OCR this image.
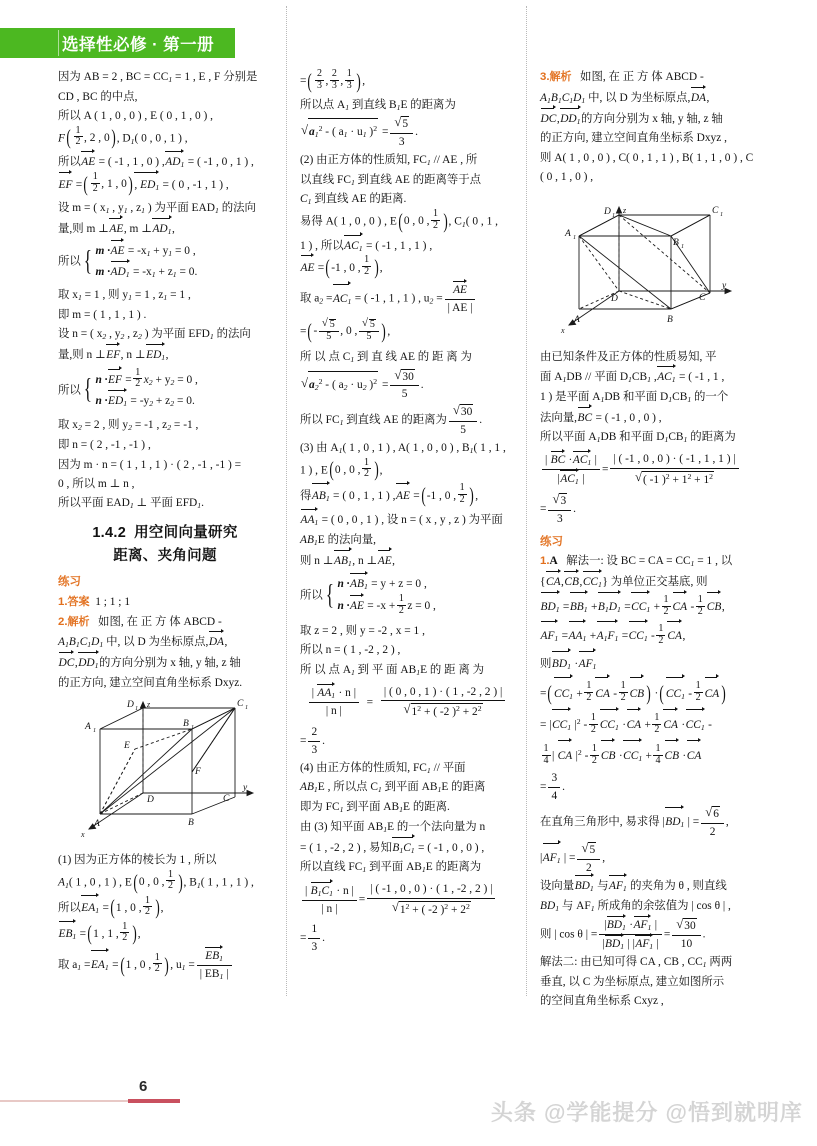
选择性必修 · 第一册
因为 AB = 2 , BC = $CC_1 = 1$ , E , F 分别是
CD , BC 的中点,
所以 A ( 1 , 0 , 0 ) , E ( 0 , 1 , 0 ) ,
$F( \frac{1}{2}$ , 2 , 0), $D_1$( 0 , 0 , 1 ) ,
所以AE = ( -1 , 1 , 0 ) $,AD_1$ = ( -1 , 0 , 1 ) ,
EF =( $\frac{1}{2}$ , 1 , 0) , $ED_1$ = ( 0 , -1 , 1 ) ,
设 m = ( $x_1$ , $y_1$ , $z_1$ ) 为平面 $EAD_1$ 的法向
量,则 m ⊥AE, m $\perp AD_1$,
所以 { $m \cdot AE = -x_1 + y_1 = 0$ ,
$m \cdot AD_1 = -x_1 + z_1 = 0$.
取 $x_1 = 1$ , 则 $y_1 = 1$ , $z_1 = 1$ ,
即 m = ( 1 , 1 , 1 ) .
设 n = ( $x_2$ , $y_2$ , $z_2$ ) 为平面 $EFD_1$ 的法向
量,则 n ⊥EF, n $\perp ED_1$,
所以 { $n \cdot EF = \frac{1}{2} x_2 + y_2 = 0$ ,
$n \cdot ED_1 = -y_2 + z_2 = 0$.
取 $x_2 = 2$ , 则 $y_2 = -1$ , $z_2 = -1$ ,
即 n = ( 2 , -1 , -1 ) ,
因为 m · n = ( 1 , 1 , 1 ) · ( 2 , -1 , -1 ) =
0 , 所以 m ⊥ n ,
所以平面 $EAD_1$ ⊥ 平面 $EFD_1$.
1.4.2 用空间向量研究
距离、夹角问题
练习
1.答案 1 ; 1 ; 1
2.解析 如图, 在 正 方 体 ABCD -
$A_1B_1C_1D_1$ 中, 以 D 为坐标原点,DA,
$DC,DD_1$的方向分别为 x 轴, y 轴, z 轴
的正方向, 建立空间直角坐标系 Dxyz.
D 1	C 1
A 1
B 1
E
F
D	C
y
A	B
x
z
(1) 因为正方体的棱长为 1 , 所以
$A_1$( 1 , 0 , 1 ) , E(0 , 0 , $\frac{1}{2}$ ), $B_1$( 1 , 1 , 1 ) ,
所以$EA_1 =(1$ , 0 , $\frac{1}{2}$ ),
$EB_1 =(1$ , 1 , $\frac{1}{2}$ ),
取 $a_1 =EA_1 =(1$ , 0 , $\frac{1}{2}$ ), $u_1 = \frac{EB_1}{| EB_1 |}$
=( $\frac{2}{3}$ , $\frac{2}{3}$ , $\frac{1}{3}$ ),
所以点 $A_1$ 到直线 $B_1E$ 的距离为
√ $a_1^2$ - ( $a_1 \cdot u_1$ )$^2$ = √ $\frac{5}{3}$ .
(2) 由正方体的性质知, $FC_1$ // AE , 所
以直线 $FC_1$ 到直线 AE 的距离等于点
$C_1$ 到直线 AE 的距离.
易得 A( 1 , 0 , 0 ) , E(0 , 0 , $\frac{1}{2}$ ), $C_1$( 0 , 1 ,
1 ) , 所以$AC_1$ = ( -1 , 1 , 1 ) ,
AE =(-1 , 0 , $\frac{1}{2}$ ),
取 $a_2 =AC_1$ = ( -1 , 1 , 1 ) , $u_2 = \frac{AE}{| AE |}$
=(- √ $\frac{5}{5}$ , 0 , √ $\frac{5}{5}$ ),
所 以 点 $C_1$ 到 直 线 AE 的 距 离 为
√ $a_2^2$ - ( $a_2 \cdot u_2$ )$^2$ = √ $\frac{30}{5}$ .
所以 $FC_1$ 到直线 AE 的距离为 √ $\frac{30}{5}$ .
(3) 由 $A_1$( 1 , 0 , 1 ) , A( 1 , 0 , 0 ) , $B_1$( 1 , 1 ,
1 ) , E(0 , 0 , $\frac{1}{2}$ ),
得$AB_1$ = ( 0 , 1 , 1 ) ,AE =(-1 , 0 , $\frac{1}{2}$ ),
$AA_1$ = ( 0 , 0 , 1 ) , 设 n = ( x , y , z ) 为平面
$AB_1E$ 的法向量,
则 n $\perp AB_1$, n ⊥AE,
所以 { $n \cdot AB_1 = y + z = 0$ ,
$n \cdot AE = -x + \frac{1}{2}$ z = 0 ,
取 z = 2 , 则 y = -2 , x = 1 ,
所以 n = ( 1 , -2 , 2 ) ,
所 以 点 $A_1$ 到 平 面 $AB_1E$ 的 距 离 为
$\frac{| AA_1 \cdot n |}{| n |}$ = | ( 0 , 0 , 1 ) · ( 1 , -2 , 2 ) |
√ $1^2$ + ( -2 )$^2 + 2^2$
= $\frac{2}{3}$ .
(4) 由正方体的性质知, $FC_1$ // 平面
$AB_1E$ , 所以点 $C_1$ 到平面 $AB_1E$ 的距离
即为 $FC_1$ 到平面 $AB_1E$ 的距离.
由 (3) 知平面 $AB_1E$ 的一个法向量为 n
= ( 1 , -2 , 2 ) , 易知$B_1C_1$ = ( -1 , 0 , 0 ) ,
所以直线 $FC_1$ 到平面 $AB_1E$ 的距离为
$\frac{| B_1C_1 \cdot n |}{| n |}$ = | ( -1 , 0 , 0 ) · ( 1 , -2 , 2 ) |
√ $1^2$ + ( -2 )$^2 + 2^2$
= $\frac{1}{3}$ .
3.解析 如图, 在 正 方 体 ABCD -
$A_1B_1C_1D_1$ 中, 以 D 为坐标原点,DA,
$DC,DD_1$的方向分别为 x 轴, y 轴, z 轴
的正方向, 建立空间直角坐标系 Dxyz ,
则 A( 1 , 0 , 0 ) , C( 0 , 1 , 1 ) , B( 1 , 1 , 0 ) , C
( 0 , 1 , 0 ) ,
D 1	C 1
A 1
B 1
D	C
y
A	B
x
z
由已知条件及正方体的性质易知, 平
面 $A_1DB$ // 平面 $D_1CB_1$ $,AC_1$ = ( -1 , 1 ,
1 ) 是平面 $A_1DB$ 和平面 $D_1CB_1$ 的一个
法向量,BC = ( -1 , 0 , 0 ) ,
所以平面 $A_1DB$ 和平面 $D_1CB_1$ 的距离为
$\frac{| BC \cdot AC_1 |}{|AC_1 |}$ = | ( -1 , 0 , 0 ) · ( -1 , 1 , 1 ) |
√ ( -1 )$^2 + 1^2 + 1^2$
= √ $\frac{3}{3}$ .
练习
1.A 解法一: 设 BC = CA = $CC_1 = 1$ , 以
$\{CA,CB,CC_1\}$ 为单位正交基底, 则
$BD_1 =BB_1 +B_1D_1 =CC_1 + \frac{1}{2}$ CA - $\frac{1}{2}$ CB,
$AF_1 =AA_1 +A_1F_1 =CC_1 - \frac{1}{2}$ CA,
则$BD_1 \cdot AF_1$
=( $CC_1 + \frac{1}{2}$ CA - $\frac{1}{2} CB$) ·( $CC_1 - \frac{1}{2} CA$)
= $|CC_1$ $|^2 - \frac{1}{2} CC_1 \cdot CA + \frac{1}{2}$ CA $\cdot CC_1$ -
$\frac{1}{4}$ | CA $|^2 - \frac{1}{2}$ CB $\cdot CC_1 + \frac{1}{4}$ CB ·CA
= $\frac{3}{4}$ .
在直角三角形中, 易求得 $|BD_1$ | = √ $\frac{6}{2}$ ,
$|AF_1$ | = √ $\frac{5}{2}$ ,
设向量$BD_1$ 与$AF_1$ 的夹角为 θ , 则直线
$BD_1$ 与 $AF_1$ 所成角的余弦值为 | cos θ | ,
则 | cos θ | = $\frac{|BD_1 \cdot AF_1 |}{|BD_1 | |AF_1 |}$ = √ $\frac{30}{10}$ .
解法二: 由已知可得 CA , CB , $CC_1$ 两两
垂直, 以 C 为坐标原点, 建立如图所示
的空间直角坐标系 Cxyz ,
6
头条 @学能提分 @悟到就明庠
